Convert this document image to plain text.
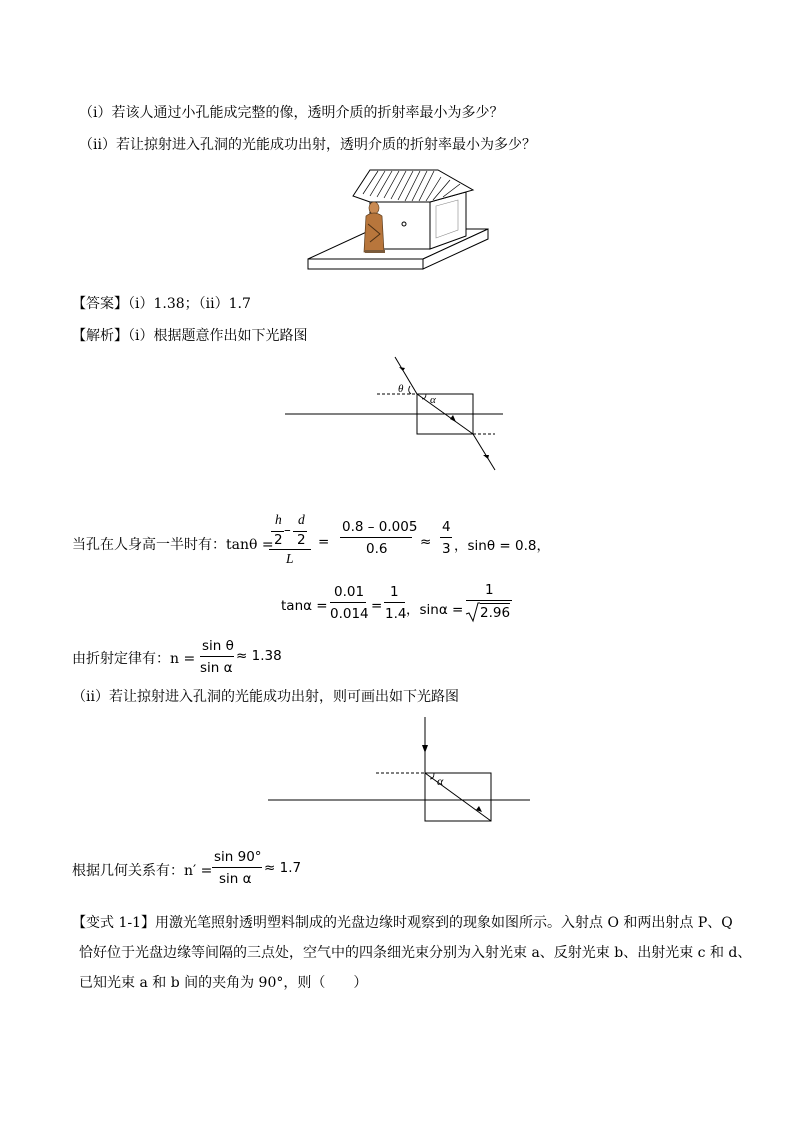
（i）若该人通过小孔能成完整的像，透明介质的折射率最小为多少？
（ii）若让掠射进入孔洞的光能成功出射，透明介质的折射率最小为多少？
【答案】（i）1.38；（ii）1.7
【解析】（i）根据题意作出如下光路图
θ
α
当孔在人身高一半时有：tanθ =
h d
–
2 2
L
=
0.8 – 0.005
0.6 ≈
4
3 ，sinθ = 0.8，
tanα =
0.01
0.014 =
1
1.4 ，sinα =
1
2.96
由折射定律有：n =
sin θ
sin α
≈ 1.38
（ii）若让掠射进入孔洞的光能成功出射，则可画出如下光路图
α
根据几何关系有：n′ =
sin 90°
sin α
≈ 1.7
【变式 1-1】用激光笔照射透明塑料制成的光盘边缘时观察到的现象如图所示。入射点 O 和两出射点 P、Q
恰好位于光盘边缘等间隔的三点处，空气中的四条细光束分别为入射光束 a、反射光束 b、出射光束 c 和 d、
已知光束 a 和 b 间的夹角为 90°，则（　　）
